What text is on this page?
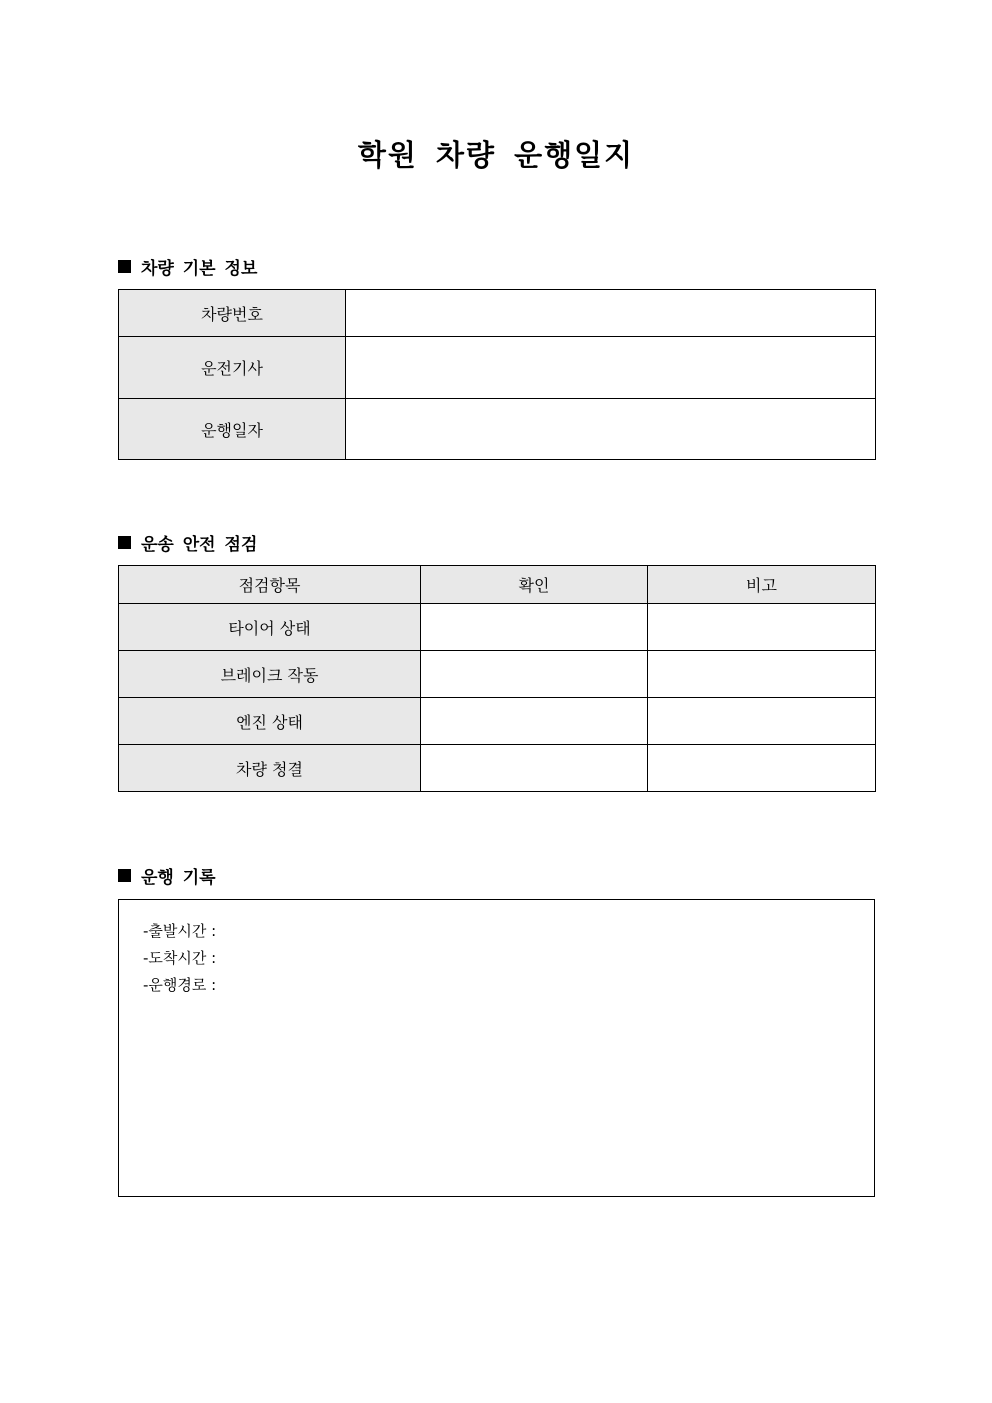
학원 차량 운행일지
차량 기본 정보
차량번호	
운전기사	
운행일자	
운송 안전 점검
점검항목	확인	비고
타이어 상태		
브레이크 작동		
엔진 상태		
차량 청결		
운행 기록
-출발시간 :
-도착시간 :
-운행경로 :
